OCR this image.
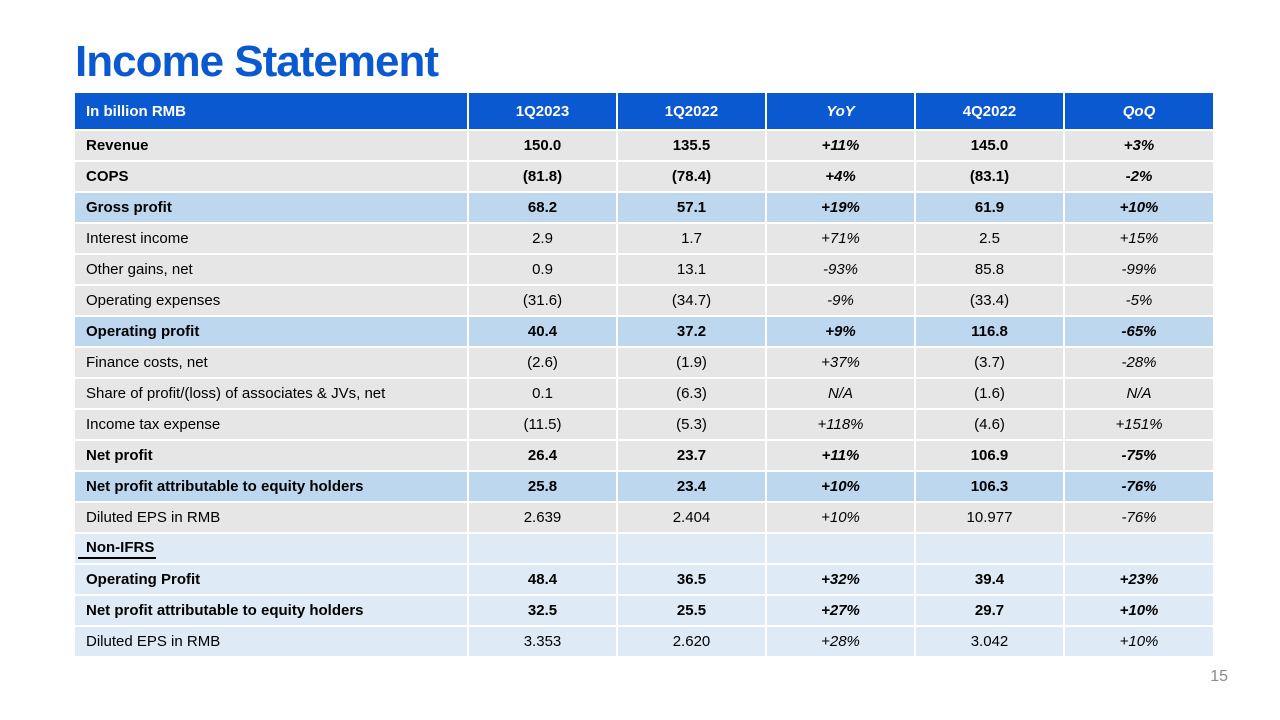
Income Statement
In billion RMB	1Q2023	1Q2022	YoY	4Q2022	QoQ
Revenue	150.0	135.5	+11%	145.0	+3%
COPS	(81.8)	(78.4)	+4%	(83.1)	-2%
Gross profit	68.2	57.1	+19%	61.9	+10%
Interest income	2.9	1.7	+71%	2.5	+15%
Other gains, net	0.9	13.1	-93%	85.8	-99%
Operating expenses	(31.6)	(34.7)	-9%	(33.4)	-5%
Operating profit	40.4	37.2	+9%	116.8	-65%
Finance costs, net	(2.6)	(1.9)	+37%	(3.7)	-28%
Share of profit/(loss) of associates & JVs, net	0.1	(6.3)	N/A	(1.6)	N/A
Income tax expense	(11.5)	(5.3)	+118%	(4.6)	+151%
Net profit	26.4	23.7	+11%	106.9	-75%
Net profit attributable to equity holders	25.8	23.4	+10%	106.3	-76%
Diluted EPS in RMB	2.639	2.404	+10%	10.977	-76%
Non-IFRS					
Operating Profit	48.4	36.5	+32%	39.4	+23%
Net profit attributable to equity holders	32.5	25.5	+27%	29.7	+10%
Diluted EPS in RMB	3.353	2.620	+28%	3.042	+10%
15
